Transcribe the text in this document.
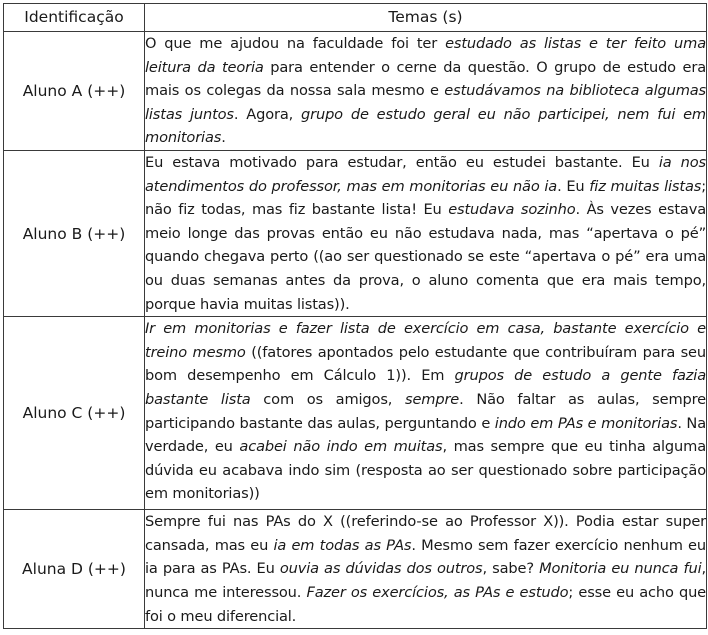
Identificação	Temas (s)
Aluno A (++)	O que me ajudou na faculdade foi ter estudado as listas e ter feito uma leitura da teoria para entender o cerne da questão. O grupo de estudo era mais os colegas da nossa sala mesmo e estudávamos na biblioteca algumas listas juntos. Agora, grupo de estudo geral eu não participei, nem fui em monitorias.
Aluno B (++)	Eu estava motivado para estudar, então eu estudei bastante. Eu ia nos atendimentos do professor, mas em monitorias eu não ia. Eu fiz muitas listas; não fiz todas, mas fiz bastante lista! Eu estudava sozinho. Às vezes estava meio longe das provas então eu não estudava nada, mas “apertava o pé” quando chegava perto ((ao ser questionado se este “apertava o pé” era uma ou duas semanas antes da prova, o aluno comenta que era mais tempo, porque havia muitas listas)).
Aluno C (++)	Ir em monitorias e fazer lista de exercício em casa, bastante exercício e treino mesmo ((fatores apontados pelo estudante que contribuíram para seu bom desempenho em Cálculo 1)). Em grupos de estudo a gente fazia bastante lista com os amigos, sempre. Não faltar as aulas, sempre participando bastante das aulas, perguntando e indo em PAs e monitorias. Na verdade, eu acabei não indo em muitas, mas sempre que eu tinha alguma dúvida eu acabava indo sim (resposta ao ser questionado sobre participação em monitorias))
Aluna D (++)	Sempre fui nas PAs do X ((referindo-se ao Professor X)). Podia estar super cansada, mas eu ia em todas as PAs. Mesmo sem fazer exercício nenhum eu ia para as PAs. Eu ouvia as dúvidas dos outros, sabe? Monitoria eu nunca fui, nunca me interessou. Fazer os exercícios, as PAs e estudo; esse eu acho que foi o meu diferencial.
